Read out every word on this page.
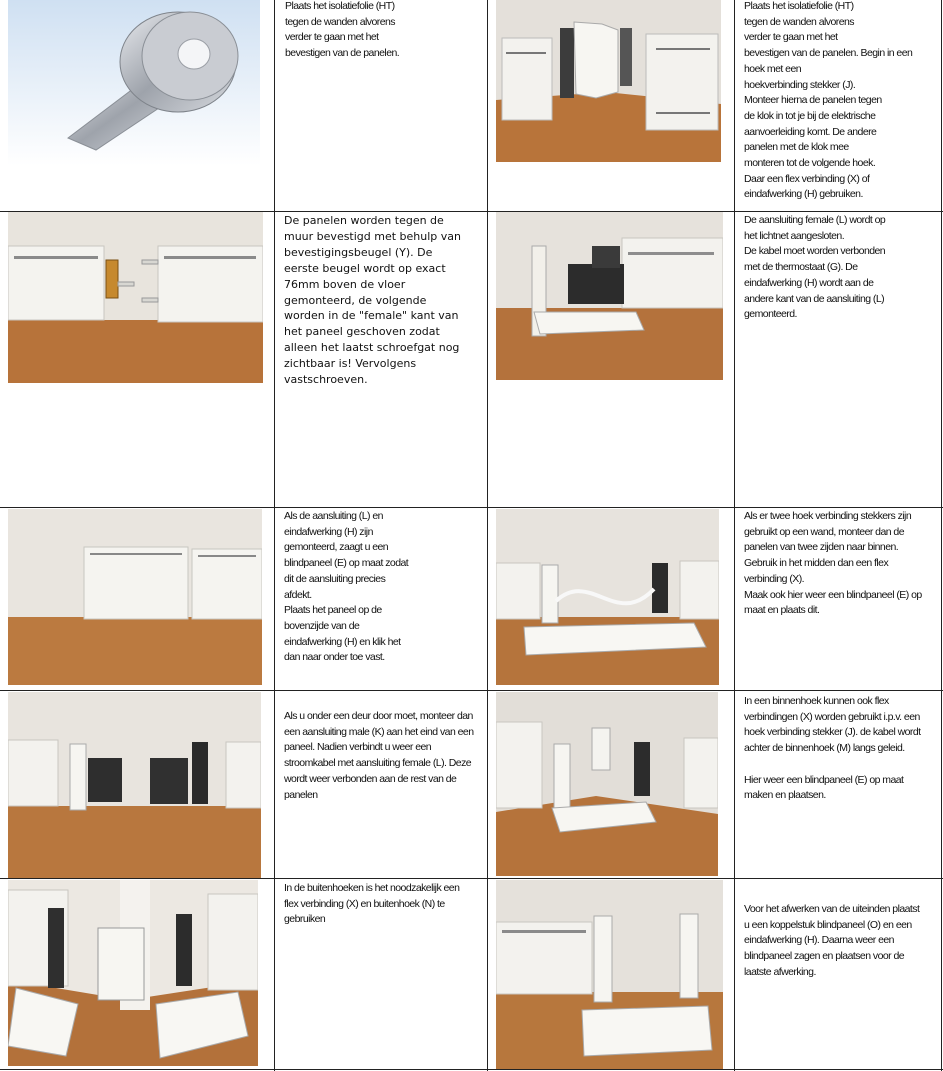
Plaats het isolatiefolie (HT)
tegen de wanden alvorens
verder te gaan met het
bevestigen van de panelen.
Plaats het isolatiefolie (HT)
tegen de wanden alvorens
verder te gaan met het
bevestigen van de panelen. Begin in een
hoek met een
hoekverbinding stekker (J).
Monteer hierna de panelen tegen
de klok in tot je bij de elektrische
aanvoerleiding komt. De andere
panelen met de klok mee
monteren tot de volgende hoek.
Daar een flex verbinding (X) of
eindafwerking (H) gebruiken.
De panelen worden tegen de
muur bevestigd met behulp van
bevestigingsbeugel (Y). De
eerste beugel wordt op exact
76mm boven de vloer
gemonteerd, de volgende
worden in de "female" kant van
het paneel geschoven zodat
alleen het laatst schroefgat nog
zichtbaar is! Vervolgens
vastschroeven.
De aansluiting female (L) wordt op
het lichtnet aangesloten.
De kabel moet worden verbonden
met de thermostaat (G). De
eindafwerking (H) wordt aan de
andere kant van de aansluiting (L)
gemonteerd.
Als de aansluiting (L) en
eindafwerking (H) zijn
gemonteerd, zaagt u een
blindpaneel (E) op maat zodat
dit de aansluiting precies
afdekt.
Plaats het paneel op de
bovenzijde van de
eindafwerking (H) en klik het
dan naar onder toe vast.
Als er twee hoek verbinding stekkers zijn
gebruikt op een wand, monteer dan de
panelen van twee zijden naar binnen.
Gebruik in het midden dan een flex
verbinding (X).
Maak ook hier weer een blindpaneel (E) op
maat en plaats dit.
Als u onder een deur door moet, monteer dan
een aansluiting male (K) aan het eind van een
paneel. Nadien verbindt u weer een
stroomkabel met aansluiting female (L). Deze
wordt weer verbonden aan de rest van de
panelen
In een binnenhoek kunnen ook flex
verbindingen (X) worden gebruikt i.p.v. een
hoek verbinding stekker (J). de kabel wordt
achter de binnenhoek (M) langs geleid.

Hier weer een blindpaneel (E) op maat
maken en plaatsen.
In de buitenhoeken is het noodzakelijk een
flex verbinding (X) en buitenhoek (N) te
gebruiken
Voor het afwerken van de uiteinden plaatst
u een koppelstuk blindpaneel (O) en een
eindafwerking (H). Daarna weer een
blindpaneel zagen en plaatsen voor de
laatste afwerking.
